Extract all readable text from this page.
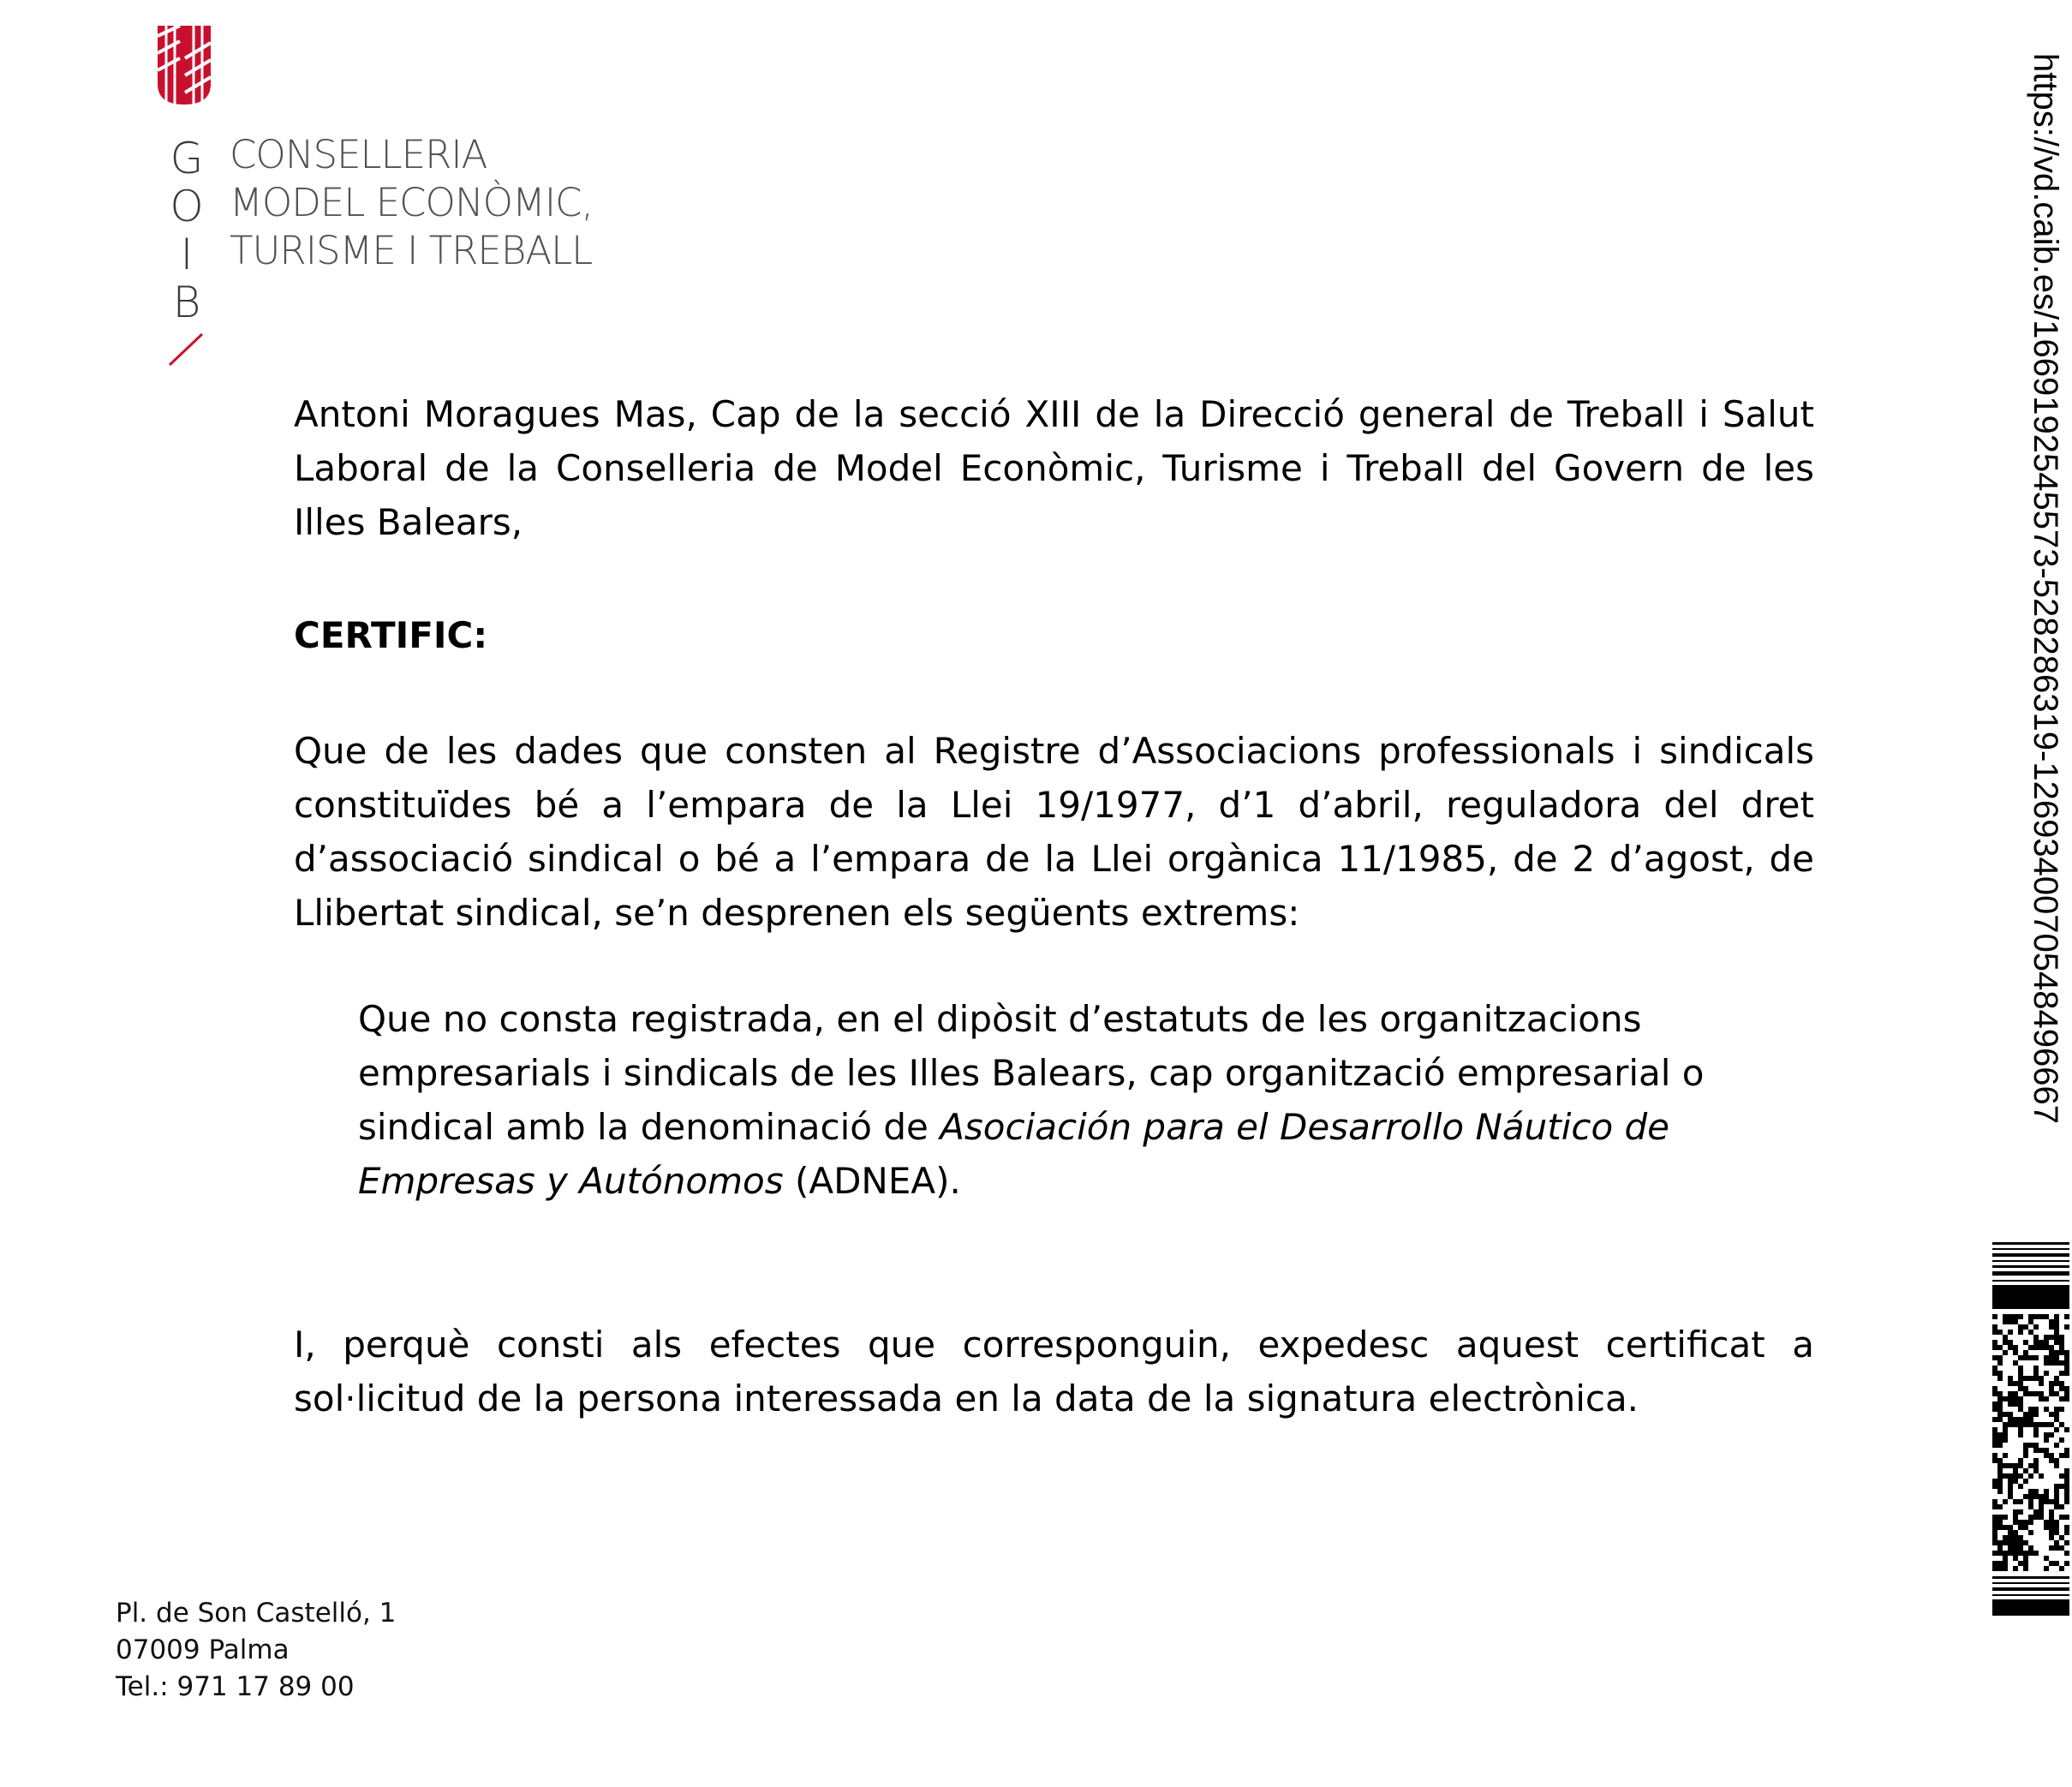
G
O
I
B
CONSELLERIA
MODEL ECONÒMIC,
TURISME I TREBALL
Antoni Moragues Mas, Cap de la secció XIII de la Direcció general de Treball i Salut Laboral de la Conselleria de Model Econòmic, Turisme i Treball del Govern de les Illes Balears,
CERTIFIC:
Que de les dades que consten al Registre d’Associacions professionals i sindicals constituïdes bé a l’empara de la Llei 19/1977, d’1 d’abril, reguladora del dret d’associació sindical o bé a l’empara de la Llei orgànica 11/1985, de 2 d’agost, de Llibertat sindical, se’n desprenen els següents extrems:
Que no consta registrada, en el dipòsit d’estatuts de les organitzacions empresarials i sindicals de les Illes Balears, cap organització empresarial o sindical amb la denominació de Asociación para el Desarrollo Náutico de Empresas y Autónomos (ADNEA).
I, perquè consti als efectes que corresponguin, expedesc aquest certificat a sol·licitud de la persona interessada en la data de la signatura electrònica.
Pl. de Son Castelló, 1
07009 Palma
Tel.: 971 17 89 00
https://vd.caib.es/1669192545573-528286319-1269340070548496667
